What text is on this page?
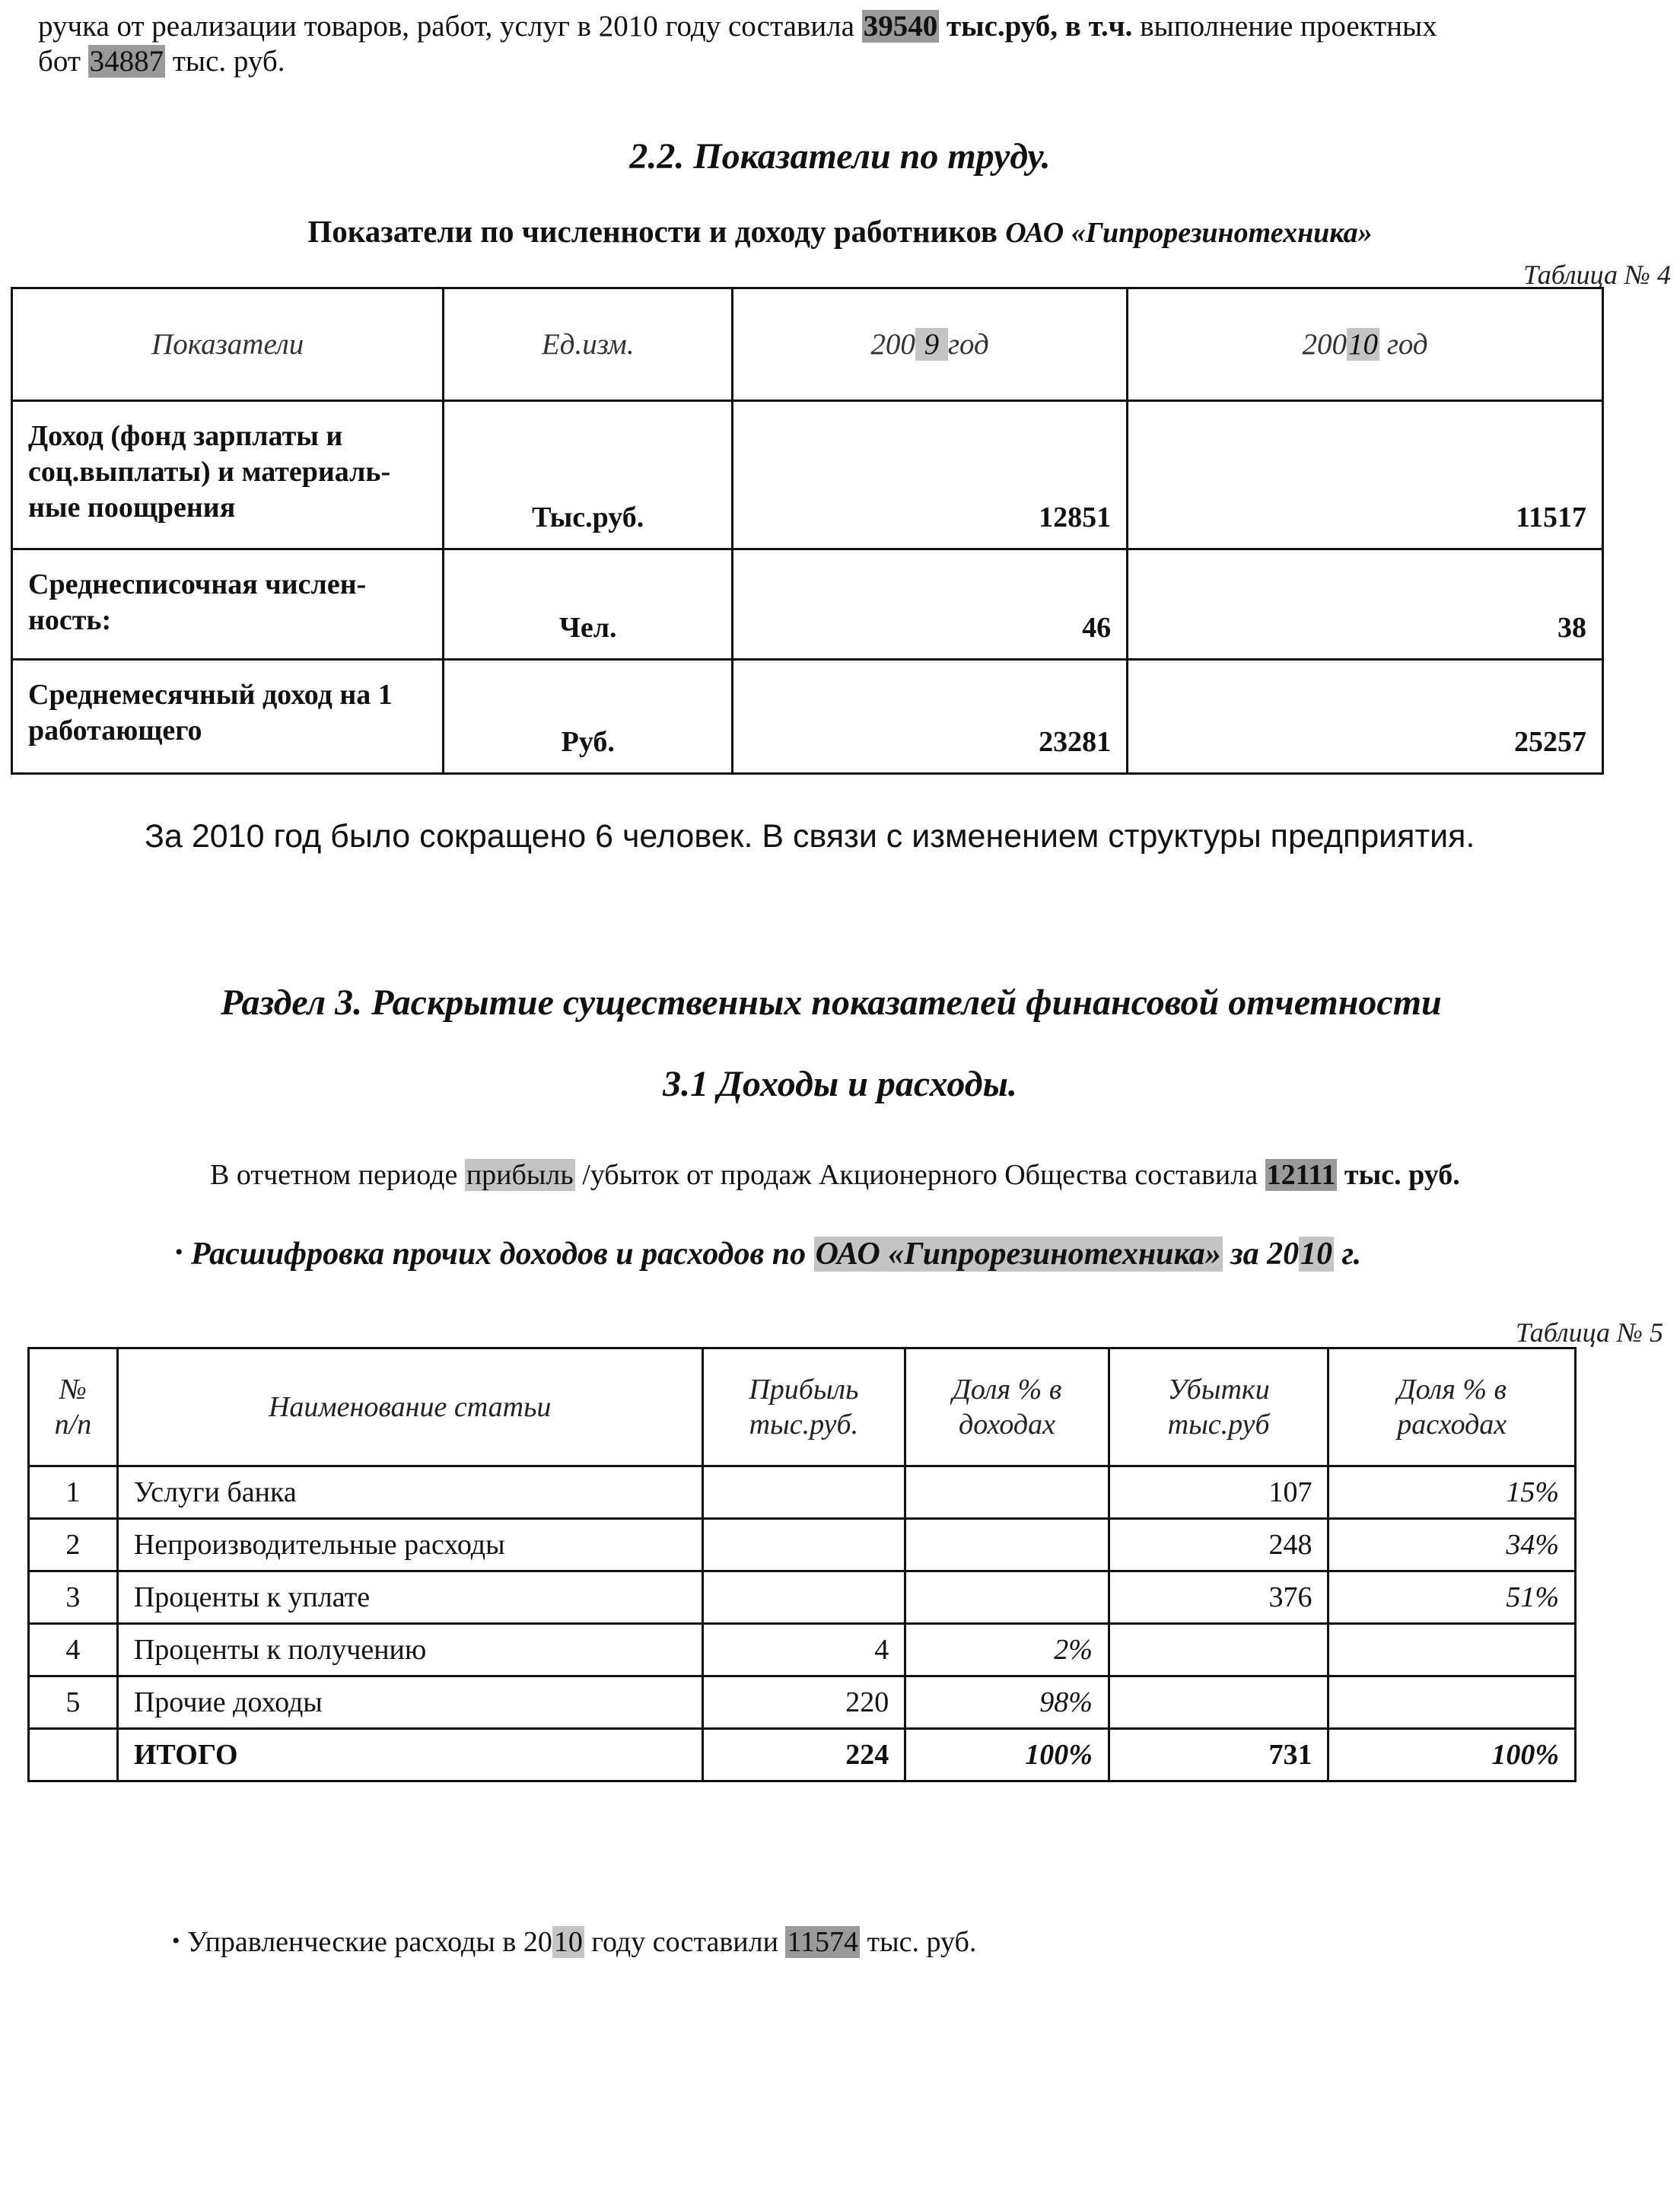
ручка от реализации товаров, работ, услуг в 2010 году составила 39540 тыс.руб, в т.ч. выполнение проектных
бот 34887 тыс. руб.
2.2. Показатели по труду.
Показатели по численности и доходу работников ОАО «Гипрорезинотехника»
Таблица № 4
Показатели	Ед.изм.	200 9 год	20010 год
Доход (фонд зарплаты и соц.выплаты) и материаль-ные поощрения	Тыс.руб.	12851	11517
Среднесписочная числен-ность:	Чел.	46	38
Среднемесячный доход на 1 работающего	Руб.	23281	25257
За 2010 год было сокращено 6 человек. В связи с изменением структуры предприятия.
Раздел 3. Раскрытие существенных показателей финансовой отчетности
3.1 Доходы и расходы.
В отчетном периоде прибыль /убыток от продаж Акционерного Общества составила 12111 тыс. руб.
• Расшифровка прочих доходов и расходов по ОАО «Гипрорезинотехника» за 2010 г.
Таблица № 5
№ п/п	Наименование статьи	Прибыль тыс.руб.	Доля % в доходах	Убытки тыс.руб	Доля % в расходах
1	Услуги банка			107	15%
2	Непроизводительные расходы			248	34%
3	Проценты к уплате			376	51%
4	Проценты к получению	4	2%		
5	Прочие доходы	220	98%		
	ИТОГО	224	100%	731	100%
• Управленческие расходы в 2010 году составили 11574 тыс. руб.
